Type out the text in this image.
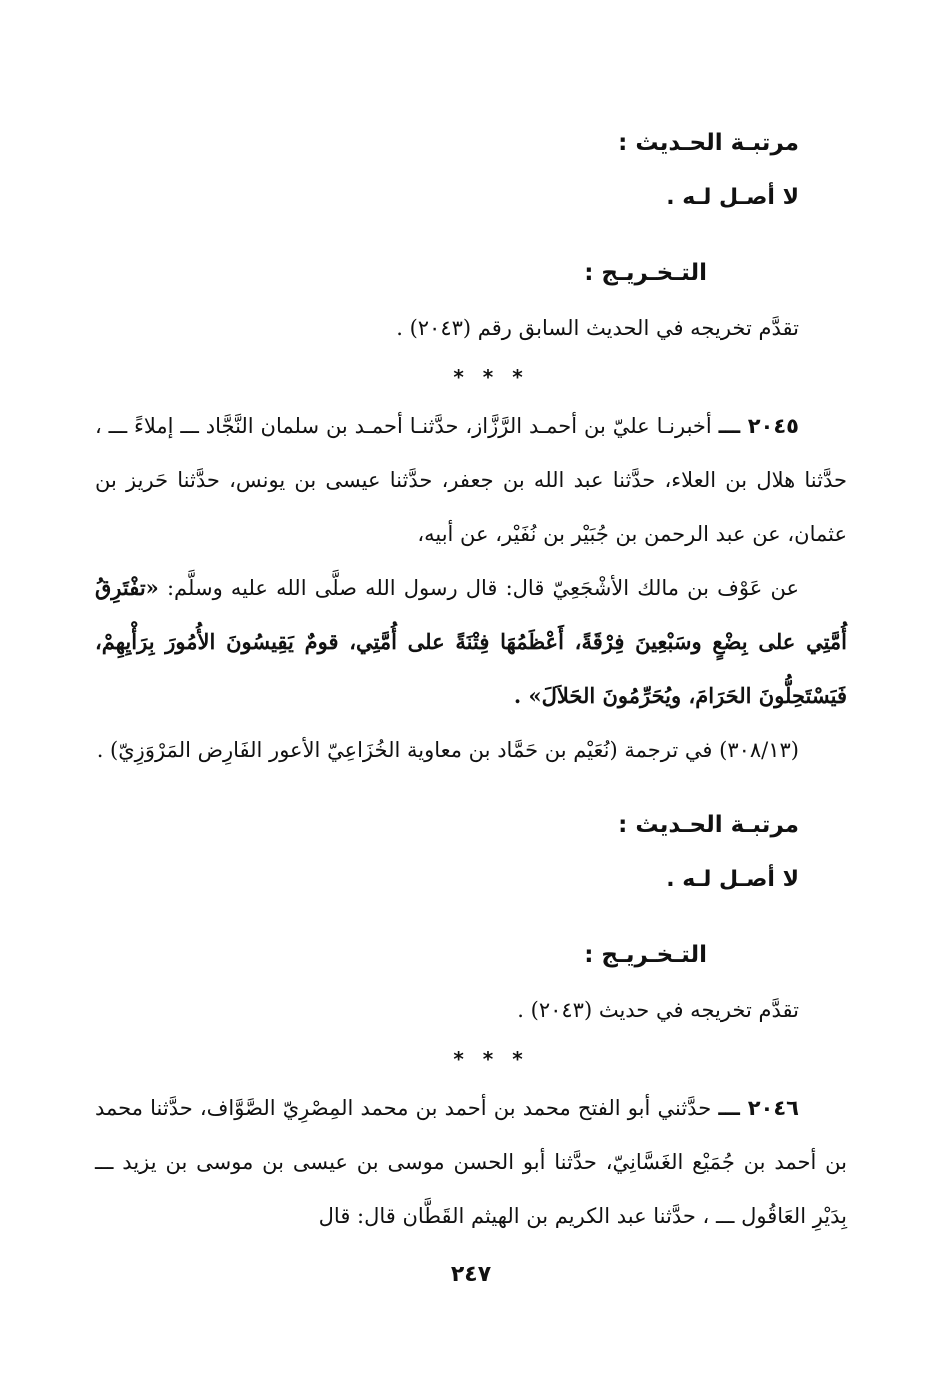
مرتبـة الحـديث :
لا أصـل لـه .
التـخـريـج :
تقدَّم تخريجه في الحديث السابق رقم (٢٠٤٣) .
* * *

٢٠٤٥ ـــ أخبرنـا عليّ بن أحمـد الرَّزَّاز، حدَّثنـا أحمـد بن سلمان النَّجَّاد ـــ إملاءً ـــ ، حدَّثنا هلال بن العلاء، حدَّثنا عبد الله بن جعفر، حدَّثنا عيسى بن يونس، حدَّثنا حَريز بن عثمان، عن عبد الرحمن بن جُبَيْر بن نُفَيْر، عن أبيه،

عن عَوْف بن مالك الأشْجَعِيّ قال: قال رسول الله صلَّى الله عليه وسلَّم: «تفْتَرِقُ أُمَّتِي على بِضْعٍ وسَبْعِينَ فِرْقَةً، أَعْظَمُهَا فِتْنَةً على أُمَّتِي، قومٌ يَقِيسُونَ الأُمُورَ بِرَأْيِهِمْ، فَيَسْتَحِلُّونَ الحَرَامَ، ويُحَرِّمُونَ الحَلاَلَ» .

(٣٠٨/١٣) في ترجمة (نُعَيْم بن حَمَّاد بن معاوية الخُزَاعِيّ الأعور الفَارِض المَرْوَزِيّ) .

مرتبـة الحـديث :
لا أصـل لـه .
التـخـريـج :
تقدَّم تخريجه في حديث (٢٠٤٣) .
* * *

٢٠٤٦ ـــ حدَّثني أبو الفتح محمد بن أحمد بن محمد المِصْرِيّ الصَّوَّاف، حدَّثنا محمد بن أحمد بن جُمَيْع الغَسَّانِيّ، حدَّثنا أبو الحسن موسى بن عيسى بن موسى بن يزيد ـــ بِدَيْرِ العَاقُول ـــ ، حدَّثنا عبد الكريم بن الهيثم القَطَّان قال: قال

٢٤٧
